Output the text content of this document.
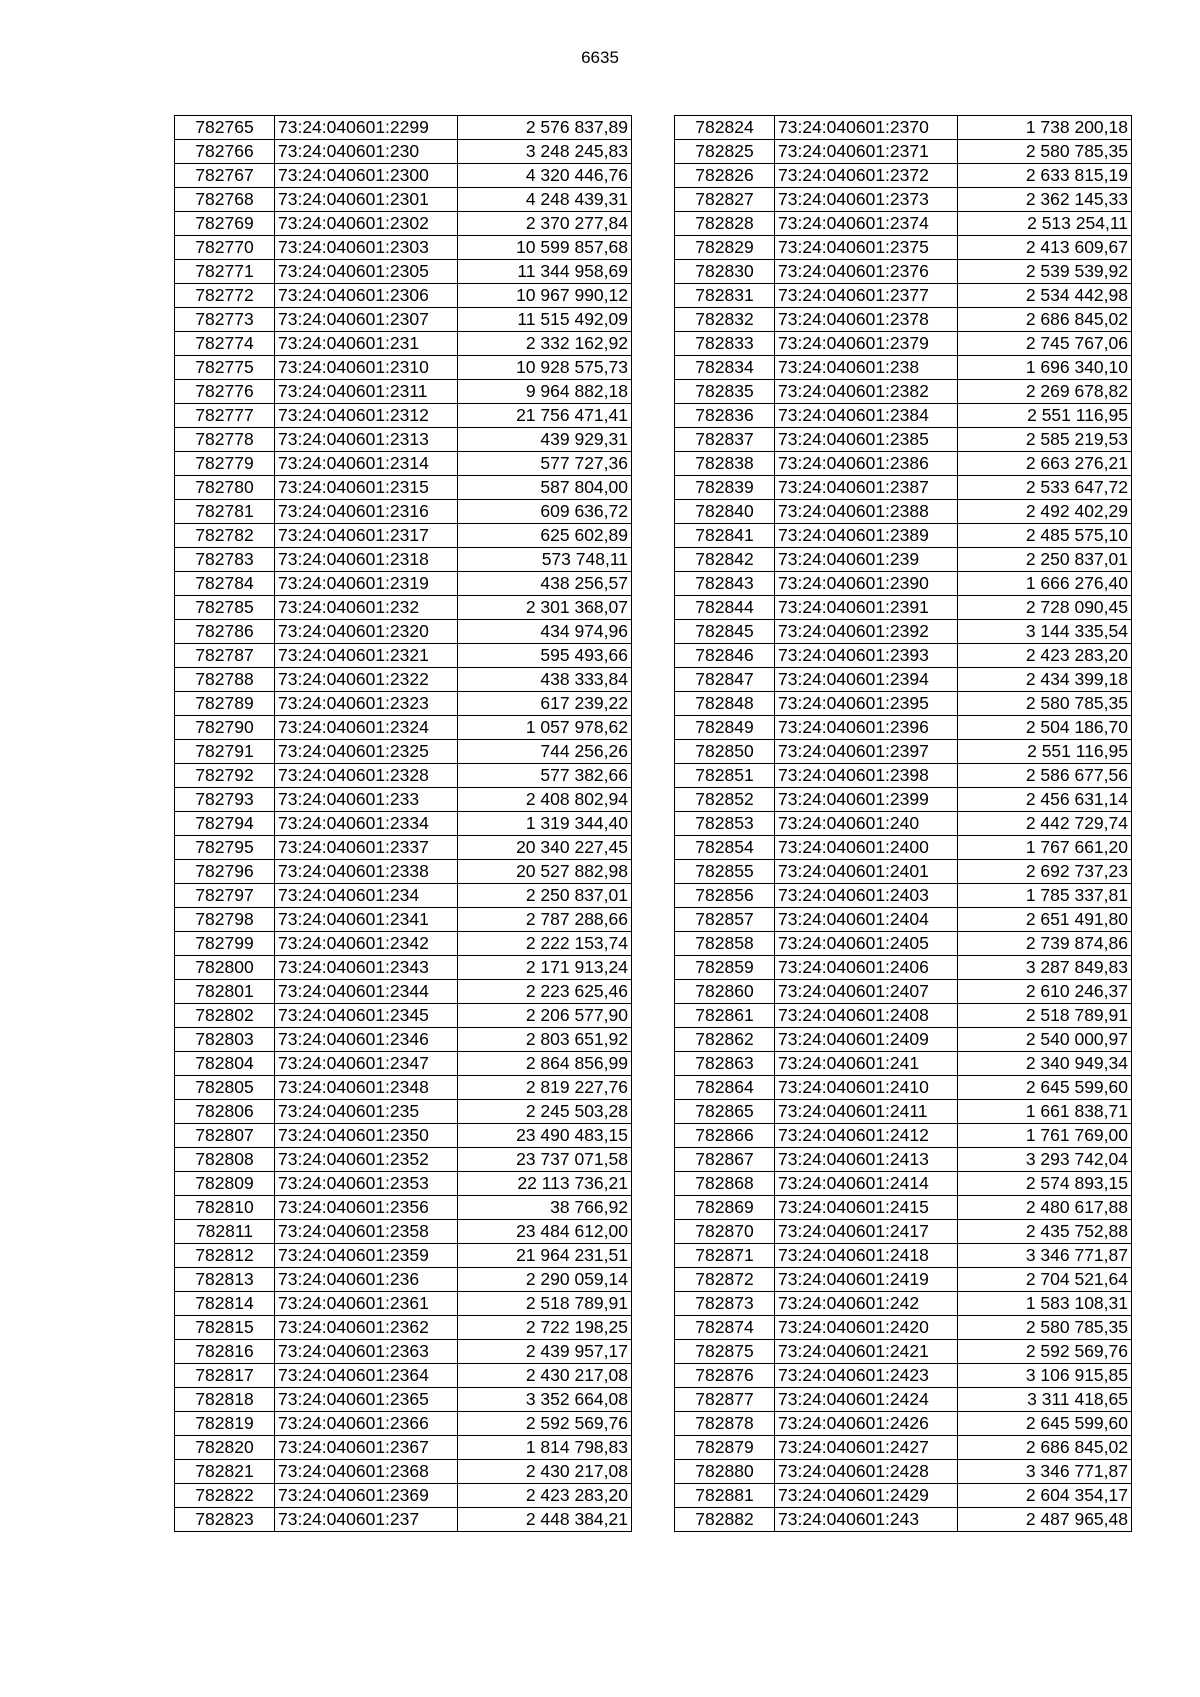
6635
782765	73:24:040601:2299	2 576 837,89
782766	73:24:040601:230	3 248 245,83
782767	73:24:040601:2300	4 320 446,76
782768	73:24:040601:2301	4 248 439,31
782769	73:24:040601:2302	2 370 277,84
782770	73:24:040601:2303	10 599 857,68
782771	73:24:040601:2305	11 344 958,69
782772	73:24:040601:2306	10 967 990,12
782773	73:24:040601:2307	11 515 492,09
782774	73:24:040601:231	2 332 162,92
782775	73:24:040601:2310	10 928 575,73
782776	73:24:040601:2311	9 964 882,18
782777	73:24:040601:2312	21 756 471,41
782778	73:24:040601:2313	439 929,31
782779	73:24:040601:2314	577 727,36
782780	73:24:040601:2315	587 804,00
782781	73:24:040601:2316	609 636,72
782782	73:24:040601:2317	625 602,89
782783	73:24:040601:2318	573 748,11
782784	73:24:040601:2319	438 256,57
782785	73:24:040601:232	2 301 368,07
782786	73:24:040601:2320	434 974,96
782787	73:24:040601:2321	595 493,66
782788	73:24:040601:2322	438 333,84
782789	73:24:040601:2323	617 239,22
782790	73:24:040601:2324	1 057 978,62
782791	73:24:040601:2325	744 256,26
782792	73:24:040601:2328	577 382,66
782793	73:24:040601:233	2 408 802,94
782794	73:24:040601:2334	1 319 344,40
782795	73:24:040601:2337	20 340 227,45
782796	73:24:040601:2338	20 527 882,98
782797	73:24:040601:234	2 250 837,01
782798	73:24:040601:2341	2 787 288,66
782799	73:24:040601:2342	2 222 153,74
782800	73:24:040601:2343	2 171 913,24
782801	73:24:040601:2344	2 223 625,46
782802	73:24:040601:2345	2 206 577,90
782803	73:24:040601:2346	2 803 651,92
782804	73:24:040601:2347	2 864 856,99
782805	73:24:040601:2348	2 819 227,76
782806	73:24:040601:235	2 245 503,28
782807	73:24:040601:2350	23 490 483,15
782808	73:24:040601:2352	23 737 071,58
782809	73:24:040601:2353	22 113 736,21
782810	73:24:040601:2356	38 766,92
782811	73:24:040601:2358	23 484 612,00
782812	73:24:040601:2359	21 964 231,51
782813	73:24:040601:236	2 290 059,14
782814	73:24:040601:2361	2 518 789,91
782815	73:24:040601:2362	2 722 198,25
782816	73:24:040601:2363	2 439 957,17
782817	73:24:040601:2364	2 430 217,08
782818	73:24:040601:2365	3 352 664,08
782819	73:24:040601:2366	2 592 569,76
782820	73:24:040601:2367	1 814 798,83
782821	73:24:040601:2368	2 430 217,08
782822	73:24:040601:2369	2 423 283,20
782823	73:24:040601:237	2 448 384,21
782824	73:24:040601:2370	1 738 200,18
782825	73:24:040601:2371	2 580 785,35
782826	73:24:040601:2372	2 633 815,19
782827	73:24:040601:2373	2 362 145,33
782828	73:24:040601:2374	2 513 254,11
782829	73:24:040601:2375	2 413 609,67
782830	73:24:040601:2376	2 539 539,92
782831	73:24:040601:2377	2 534 442,98
782832	73:24:040601:2378	2 686 845,02
782833	73:24:040601:2379	2 745 767,06
782834	73:24:040601:238	1 696 340,10
782835	73:24:040601:2382	2 269 678,82
782836	73:24:040601:2384	2 551 116,95
782837	73:24:040601:2385	2 585 219,53
782838	73:24:040601:2386	2 663 276,21
782839	73:24:040601:2387	2 533 647,72
782840	73:24:040601:2388	2 492 402,29
782841	73:24:040601:2389	2 485 575,10
782842	73:24:040601:239	2 250 837,01
782843	73:24:040601:2390	1 666 276,40
782844	73:24:040601:2391	2 728 090,45
782845	73:24:040601:2392	3 144 335,54
782846	73:24:040601:2393	2 423 283,20
782847	73:24:040601:2394	2 434 399,18
782848	73:24:040601:2395	2 580 785,35
782849	73:24:040601:2396	2 504 186,70
782850	73:24:040601:2397	2 551 116,95
782851	73:24:040601:2398	2 586 677,56
782852	73:24:040601:2399	2 456 631,14
782853	73:24:040601:240	2 442 729,74
782854	73:24:040601:2400	1 767 661,20
782855	73:24:040601:2401	2 692 737,23
782856	73:24:040601:2403	1 785 337,81
782857	73:24:040601:2404	2 651 491,80
782858	73:24:040601:2405	2 739 874,86
782859	73:24:040601:2406	3 287 849,83
782860	73:24:040601:2407	2 610 246,37
782861	73:24:040601:2408	2 518 789,91
782862	73:24:040601:2409	2 540 000,97
782863	73:24:040601:241	2 340 949,34
782864	73:24:040601:2410	2 645 599,60
782865	73:24:040601:2411	1 661 838,71
782866	73:24:040601:2412	1 761 769,00
782867	73:24:040601:2413	3 293 742,04
782868	73:24:040601:2414	2 574 893,15
782869	73:24:040601:2415	2 480 617,88
782870	73:24:040601:2417	2 435 752,88
782871	73:24:040601:2418	3 346 771,87
782872	73:24:040601:2419	2 704 521,64
782873	73:24:040601:242	1 583 108,31
782874	73:24:040601:2420	2 580 785,35
782875	73:24:040601:2421	2 592 569,76
782876	73:24:040601:2423	3 106 915,85
782877	73:24:040601:2424	3 311 418,65
782878	73:24:040601:2426	2 645 599,60
782879	73:24:040601:2427	2 686 845,02
782880	73:24:040601:2428	3 346 771,87
782881	73:24:040601:2429	2 604 354,17
782882	73:24:040601:243	2 487 965,48
